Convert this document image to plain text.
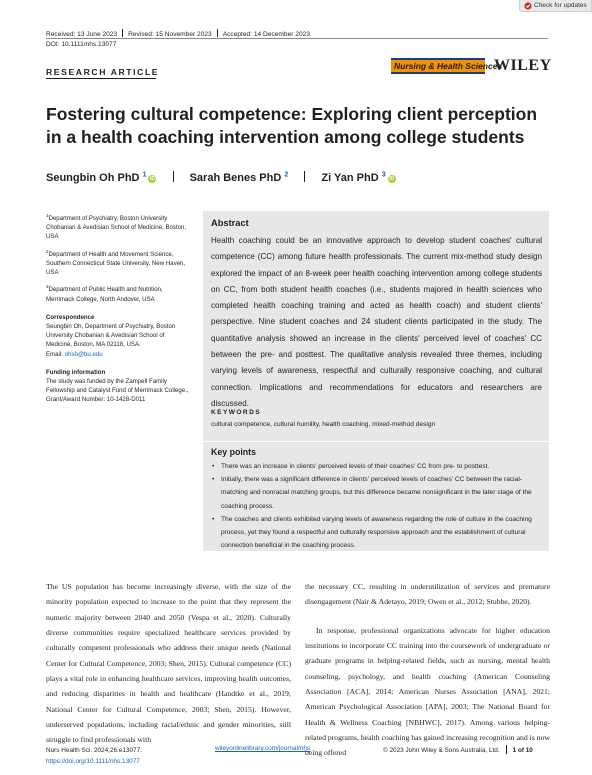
Check for updates
Received: 13 June 2023 Revised: 15 November 2023 Accepted: 14 December 2023
DOI: 10.1111/nhs.13077
RESEARCH ARTICLE
Nursing & Health Sciences
WILEY
Fostering cultural competence: Exploring client perception in a health coaching intervention among college students
Seungbin Oh PhD $^1$iD	Sarah Benes PhD $^2$	Zi Yan PhD $^3$iD

$^1$Department of Psychiatry, Boston University Chobanian & Avedisian School of Medicine, Boston, USA

$^2$Department of Health and Movement Science, Southern Connecticut State University, New Haven, USA

$^3$Department of Public Health and Nutrition, Merrimack College, North Andover, USA

Correspondence
Seungbin Oh, Department of Psychiatry, Boston University Chobanian & Avedisian School of Medicine, Boston, MA 02118, USA.
Email: ohsb@bu.edu

Funding information
The study was funded by the Zampell Family Fellowship and Catalyst Fund of Merrimack College., Grant/Award Number: 10-1428-D011

Abstract
Health coaching could be an innovative approach to develop student coaches' cultural competence (CC) among future health professionals. The current mix-method study design explored the impact of an 8-week peer health coaching intervention among college students on CC, from both student health coaches (i.e., students majored in health sciences who completed health coaching training and acted as health coach) and student clients' perspective. Nine student coaches and 24 student clients participated in the study. The quantitative analysis showed an increase in the clients' perceived level of coaches' CC between the pre- and posttest. The qualitative analysis revealed three themes, including varying levels of awareness, respectful and culturally responsive coaching, and cultural connection. Implications and recommendations for educators and researchers are discussed.
KEYWORDS
cultural competence, cultural humility, health coaching, mixed-method design
Key points
• There was an increase in clients' perceived levels of their coaches' CC from pre- to posttest.
• Initially, there was a significant difference in clients' perceived levels of coaches' CC between the racial-matching and nonracial matching groups, but this difference became nonsignificant in the later stage of the coaching process.
• The coaches and clients exhibited varying levels of awareness regarding the role of culture in the coaching process, yet they found a respectful and culturally responsive approach and the establishment of cultural connection beneficial in the coaching process.

The US population has become increasingly diverse, with the size of the minority population expected to increase to the point that they represent the numeric majority between 2040 and 2050 (Vespa et al., 2020). Culturally diverse communities require specialized healthcare services provided by culturally competent professionals who address their unique needs (National Center for Cultural Competence, 2003; Shen, 2015). Cultural competence (CC) plays a vital role in enhancing healthcare services, improving health outcomes, and reducing disparities in health and healthcare (Handtke et al., 2019; National Center for Cultural Competence, 2003; Shen, 2015). However, underserved populations, including racial/ethnic and gender minorities, still struggle to find professionals with

the necessary CC, resulting in underutilization of services and premature disengagement (Nair & Adetayo, 2019; Owen et al., 2012; Stubbe, 2020).

In response, professional organizations advocate for higher education institutions to incorporate CC training into the coursework of undergraduate or graduate programs in helping-related fields, such as nursing, mental health counseling, psychology, and health coaching (American Counseling Association [ACA], 2014; American Nurses Association [ANA], 2021; American Psychological Association [APA], 2003; The National Board for Health & Wellness Coaching [NBHWC], 2017). Among various helping-related programs, health coaching has gained increasing recognition and is now being offered

Nurs Health Sci. 2024;26:e13077.
https://doi.org/10.1111/nhs.13077
wileyonlinelibrary.com/journal/nhs	© 2023 John Wiley & Sons Australia, Ltd. 1 of 10
